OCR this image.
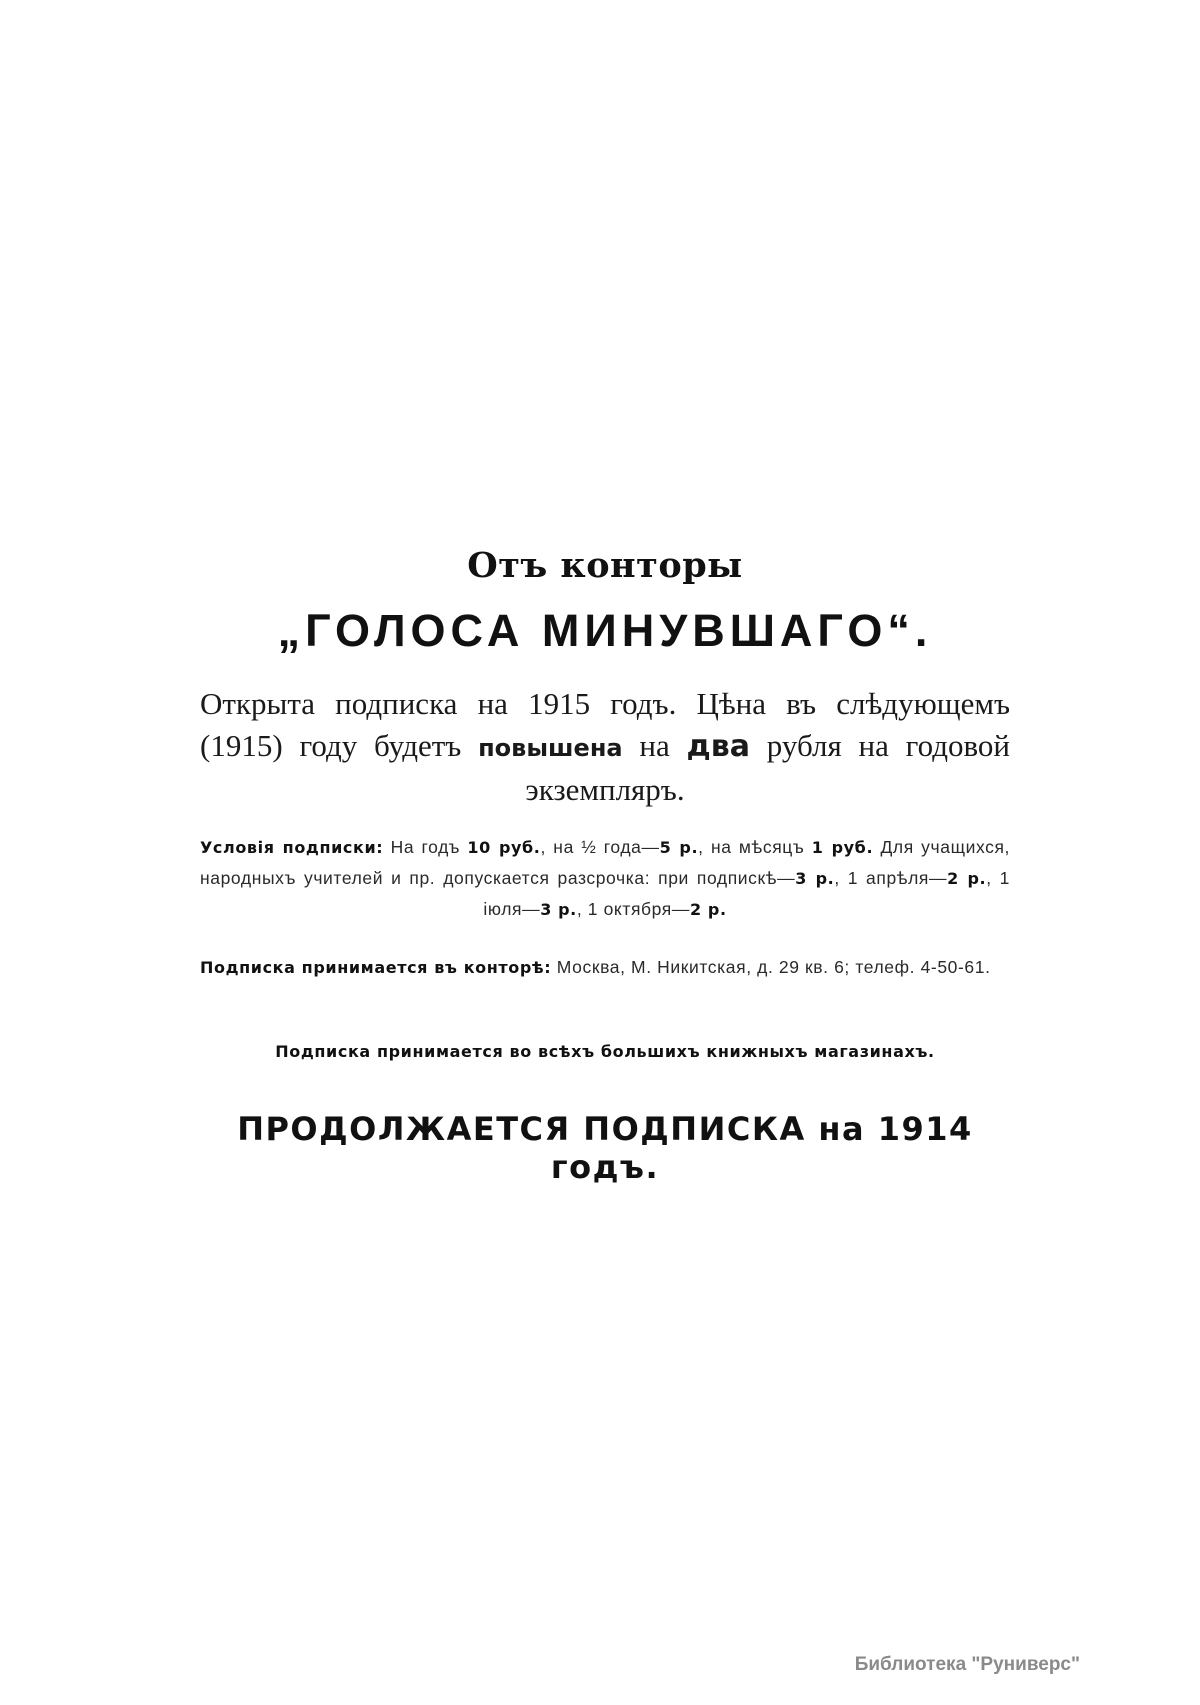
Отъ конторы
„ГОЛОСА МИНУВШАГО“.
Открыта подписка на 1915 годъ. Цѣна въ слѣдующемъ (1915) году будетъ повышена на два рубля на годовой экземпляръ.
Условія подписки: На годъ 10 руб., на ½ года—5 р., на мѣсяцъ 1 руб. Для учащихся, народныхъ учителей и пр. допускается разсрочка: при подпискѣ—3 р., 1 апрѣля—2 р., 1 іюля—3 р., 1 октября—2 р.
Подписка принимается въ конторѣ: Москва, М. Никитская, д. 29 кв. 6; телеф. 4-50-61.
Подписка принимается во всѣхъ большихъ книжныхъ магазинахъ.
ПРОДОЛЖАЕТСЯ ПОДПИСКА на 1914 годъ.
Библиотека "Руниверс"
